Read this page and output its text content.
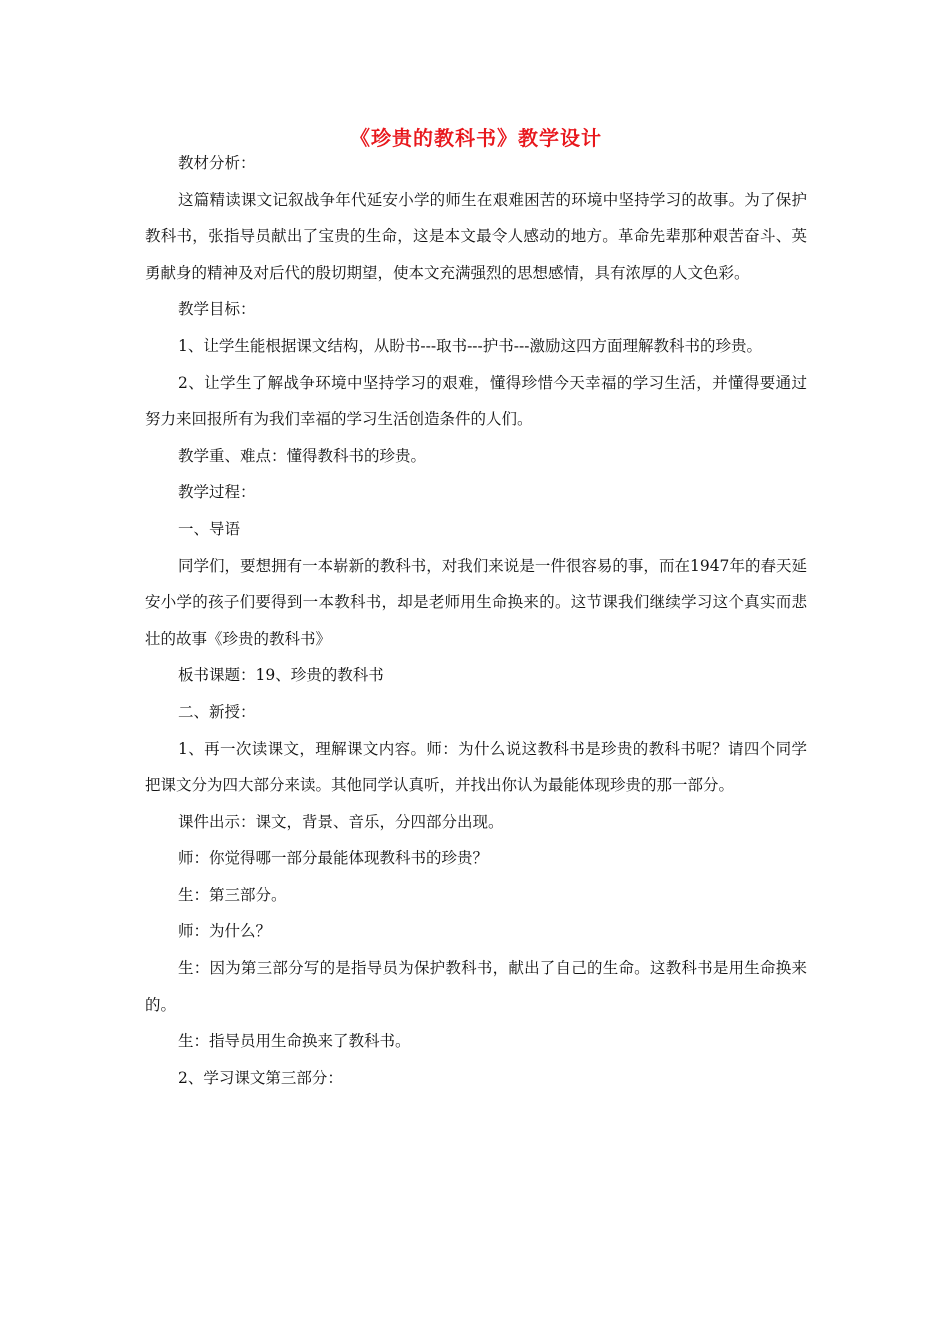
《珍贵的教科书》教学设计

教材分析：

这篇精读课文记叙战争年代延安小学的师生在艰难困苦的环境中坚持学习的故事。为了保护教科书，张指导员献出了宝贵的生命，这是本文最令人感动的地方。革命先辈那种艰苦奋斗、英勇献身的精神及对后代的殷切期望，使本文充满强烈的思想感情，具有浓厚的人文色彩。

教学目标：

1、让学生能根据课文结构，从盼书---取书---护书---激励这四方面理解教科书的珍贵。

2、让学生了解战争环境中坚持学习的艰难，懂得珍惜今天幸福的学习生活，并懂得要通过努力来回报所有为我们幸福的学习生活创造条件的人们。

教学重、难点：懂得教科书的珍贵。

教学过程：

一、导语

同学们，要想拥有一本崭新的教科书，对我们来说是一件很容易的事，而在1947年的春天延安小学的孩子们要得到一本教科书，却是老师用生命换来的。这节课我们继续学习这个真实而悲壮的故事《珍贵的教科书》

板书课题：19、珍贵的教科书

二、新授：

1、再一次读课文，理解课文内容。师：为什么说这教科书是珍贵的教科书呢？请四个同学把课文分为四大部分来读。其他同学认真听，并找出你认为最能体现珍贵的那一部分。

课件出示：课文，背景、音乐，分四部分出现。

师：你觉得哪一部分最能体现教科书的珍贵？

生：第三部分。

师：为什么？

生：因为第三部分写的是指导员为保护教科书，献出了自己的生命。这教科书是用生命换来的。

生：指导员用生命换来了教科书。

2、学习课文第三部分：
